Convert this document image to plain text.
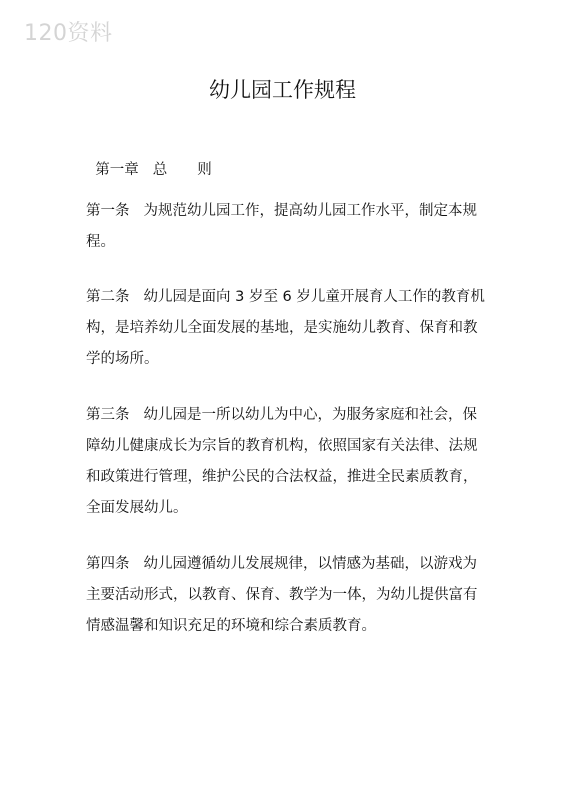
120资料
幼儿园工作规程

第一章 总则

第一条 为规范幼儿园工作，提高幼儿园工作水平，制定本规
程。
第二条 幼儿园是面向 3 岁至 6 岁儿童开展育人工作的教育机
构，是培养幼儿全面发展的基地，是实施幼儿教育、保育和教
学的场所。
第三条 幼儿园是一所以幼儿为中心，为服务家庭和社会，保
障幼儿健康成长为宗旨的教育机构，依照国家有关法律、法规
和政策进行管理，维护公民的合法权益，推进全民素质教育，
全面发展幼儿。
第四条 幼儿园遵循幼儿发展规律，以情感为基础，以游戏为
主要活动形式，以教育、保育、教学为一体，为幼儿提供富有
情感温馨和知识充足的环境和综合素质教育。
